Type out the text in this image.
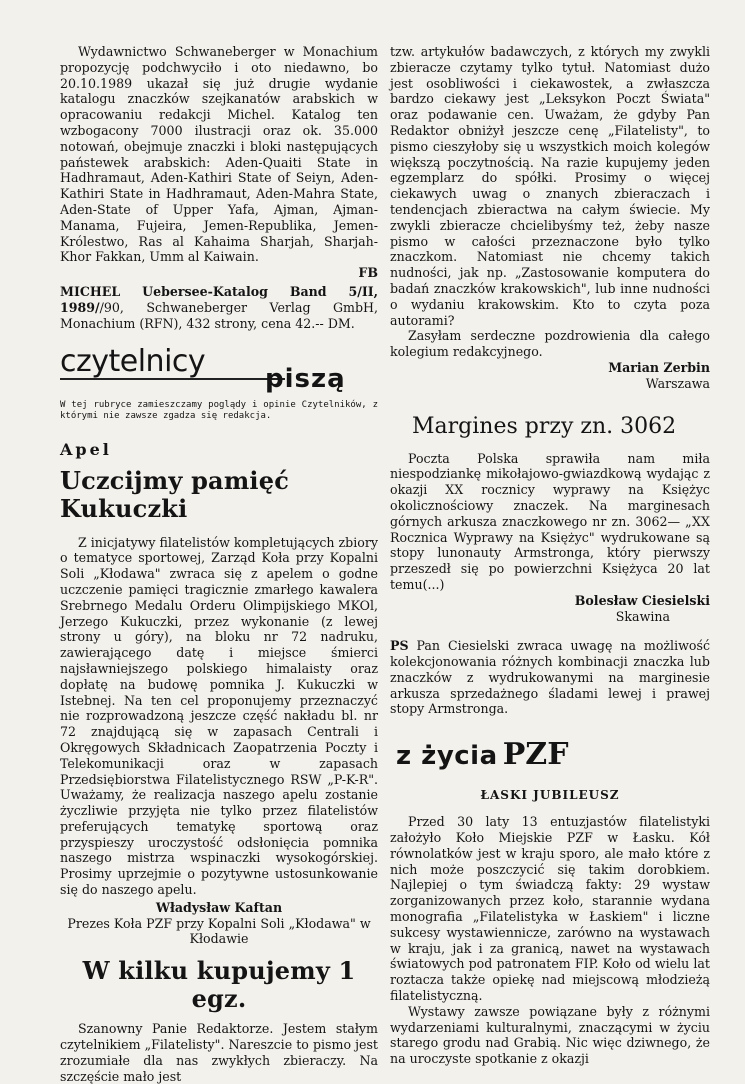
Wydawnictwo Schwaneberger w Monachium propozycję podchwyciło i oto niedawno, bo 20.10.1989 ukazał się już drugie wydanie katalogu znaczków szejkanatów arabskich w opracowaniu redakcji Michel. Katalog ten wzbogacony 7000 ilustracji oraz ok. 35.000 notowań, obejmuje znaczki i bloki następujących państewek arabskich: Aden-Quaiti State in Hadhramaut, Aden-Kathiri State of Seiyn, Aden-Kathiri State in Hadhramaut, Aden-Mahra State, Aden-State of Upper Yafa, Ajman, Ajman-Manama, Fujeira, Jemen-Republika, Jemen-Królestwo, Ras al Kahaima Sharjah, Sharjah-Khor Fakkan, Umm al Kaiwain.

FB

MICHEL Uebersee-Katalog Band 5/II, 1989//90, Schwaneberger Verlag GmbH, Monachium (RFN), 432 strony, cena 42.-- DM.

czytelnicy piszą

W tej rubryce zamieszczamy poglądy i opinie Czytelników, z którymi nie zawsze zgadza się redakcja.

Apel

Uczcijmy pamięć Kukuczki

Z inicjatywy filatelistów kompletujących zbiory o tematyce sportowej, Zarząd Koła przy Kopalni Soli „Kłodawa" zwraca się z apelem o godne uczczenie pamięci tragicznie zmarłego kawalera Srebrnego Medalu Orderu Olimpijskiego MKOl, Jerzego Kukuczki, przez wykonanie (z lewej strony u góry), na bloku nr 72 nadruku, zawierającego datę i miejsce śmierci najsławniejszego polskiego himalaisty oraz dopłatę na budowę pomnika J. Kukuczki w Istebnej. Na ten cel proponujemy przeznaczyć nie rozprowadzoną jeszcze część nakładu bl. nr 72 znajdującą się w zapasach Centrali i Okręgowych Składnicach Zaopatrzenia Poczty i Telekomunikacji oraz w zapasach Przedsiębiorstwa Filatelistycznego RSW „P-K-R". Uważamy, że realizacja naszego apelu zostanie życzliwie przyjęta nie tylko przez filatelistów preferujących tematykę sportową oraz przyspieszy uroczystość odsłonięcia pomnika naszego mistrza wspinaczki wysokogórskiej. Prosimy uprzejmie o pozytywne ustosunkowanie się do naszego apelu.

Władysław Kaftan

Prezes Koła PZF przy Kopalni Soli „Kłodawa" w Kłodawie

W kilku kupujemy 1 egz.

Szanowny Panie Redaktorze. Jestem stałym czytelnikiem „Filatelisty". Nareszcie to pismo jest zrozumiałe dla nas zwykłych zbieraczy. Na szczęście mało jest

tzw. artykułów badawczych, z których my zwykli zbieracze czytamy tylko tytuł. Natomiast dużo jest osobliwości i ciekawostek, a zwłaszcza bardzo ciekawy jest „Leksykon Poczt Świata" oraz podawanie cen. Uważam, że gdyby Pan Redaktor obniżył jeszcze cenę „Filatelisty", to pismo cieszyłoby się u wszystkich moich kolegów większą poczytnością. Na razie kupujemy jeden egzemplarz do spółki. Prosimy o więcej ciekawych uwag o znanych zbieraczach i tendencjach zbieractwa na całym świecie. My zwykli zbieracze chcielibyśmy też, żeby nasze pismo w całości przeznaczone było tylko znaczkom. Natomiast nie chcemy takich nudności, jak np. „Zastosowanie komputera do badań znaczków krakowskich", lub inne nudności o wydaniu krakowskim. Kto to czyta poza autorami?

Zasyłam serdeczne pozdrowienia dla całego kolegium redakcyjnego.

Marian Zerbin

Warszawa

Margines przy zn. 3062

Poczta Polska sprawiła nam miła niespodziankę mikołajowo-gwiazdkową wydając z okazji XX rocznicy wyprawy na Księżyc okolicznościowy znaczek. Na marginesach górnych arkusza znaczkowego nr zn. 3062— „XX Rocznica Wyprawy na Księżyc" wydrukowane są stopy lunonauty Armstronga, który pierwszy przeszedł się po powierzchni Księżyca 20 lat temu(...)

Bolesław Ciesielski

Skawina

PS Pan Ciesielski zwraca uwagę na możliwość kolekcjonowania różnych kombinacji znaczka lub znaczków z wydrukowanymi na marginesie arkusza sprzedażnego śladami lewej i prawej stopy Armstronga.

z życia PZF

ŁASKI JUBILEUSZ

Przed 30 laty 13 entuzjastów filatelistyki założyło Koło Miejskie PZF w Łasku. Kół równolatków jest w kraju sporo, ale mało które z nich może poszczycić się takim dorobkiem. Najlepiej o tym świadczą fakty: 29 wystaw zorganizowanych przez koło, starannie wydana monografia „Filatelistyka w Łaskiem" i liczne sukcesy wystawiennicze, zarówno na wystawach w kraju, jak i za granicą, nawet na wystawach światowych pod patronatem FIP. Koło od wielu lat roztacza także opiekę nad miejscową młodzieżą filatelistyczną.

Wystawy zawsze powiązane były z różnymi wydarzeniami kulturalnymi, znaczącymi w życiu starego grodu nad Grabią. Nic więc dziwnego, że na uroczyste spotkanie z okazji
